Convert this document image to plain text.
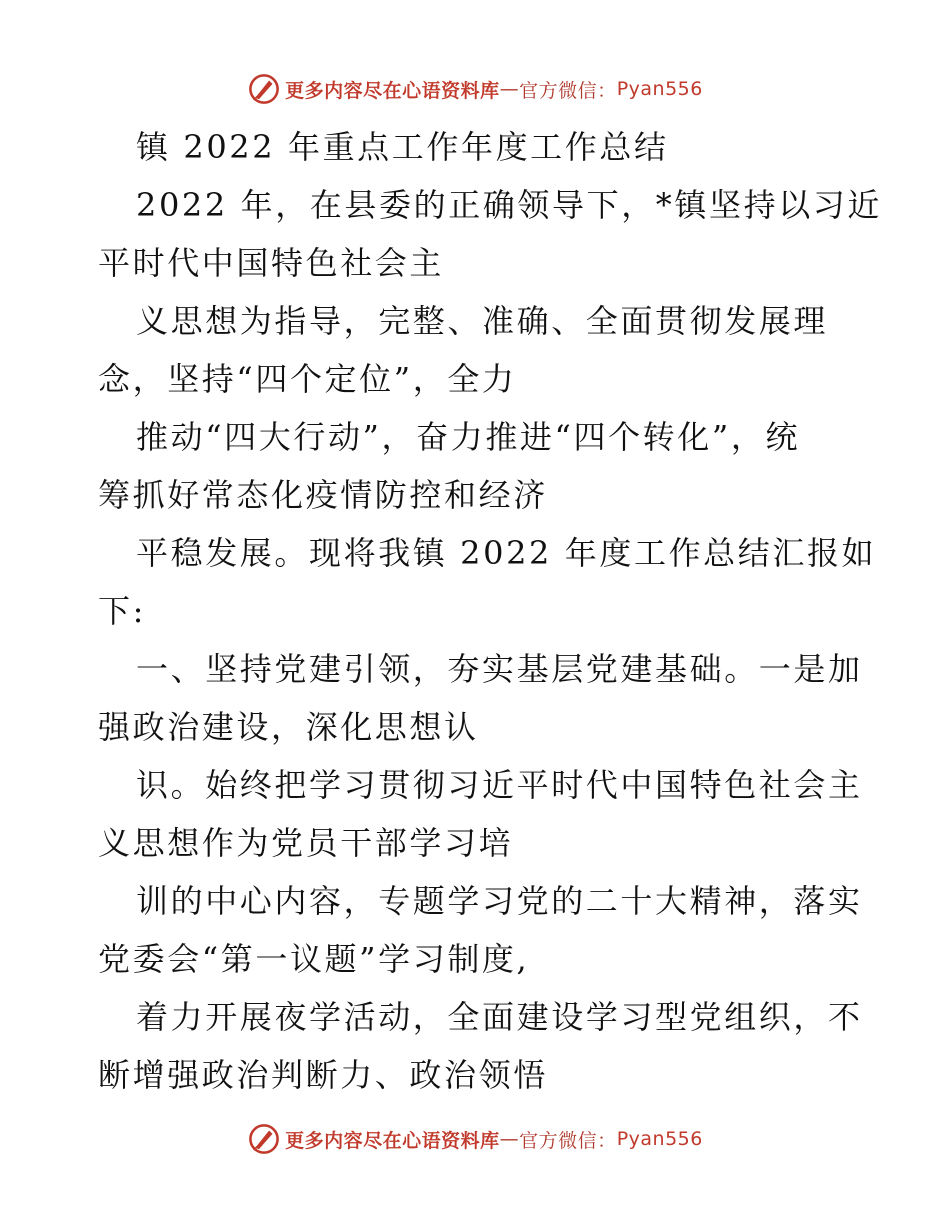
更多内容尽在心语资料库 — 官方微信： Pyan556
镇 2022 年重点工作年度工作总结
2022 年，在县委的正确领导下，*镇坚持以习近
平时代中国特色社会主
义思想为指导，完整、准确、全面贯彻发展理
念，坚持“四个定位”，全力
推动“四大行动”，奋力推进“四个转化”，统
筹抓好常态化疫情防控和经济
平稳发展。现将我镇 2022 年度工作总结汇报如
下:
一、坚持党建引领，夯实基层党建基础。一是加
强政治建设，深化思想认
识。始终把学习贯彻习近平时代中国特色社会主
义思想作为党员干部学习培
训的中心内容，专题学习党的二十大精神，落实
党委会“第一议题”学习制度,
着力开展夜学活动，全面建设学习型党组织，不
断增强政治判断力、政治领悟
更多内容尽在心语资料库 — 官方微信： Pyan556
